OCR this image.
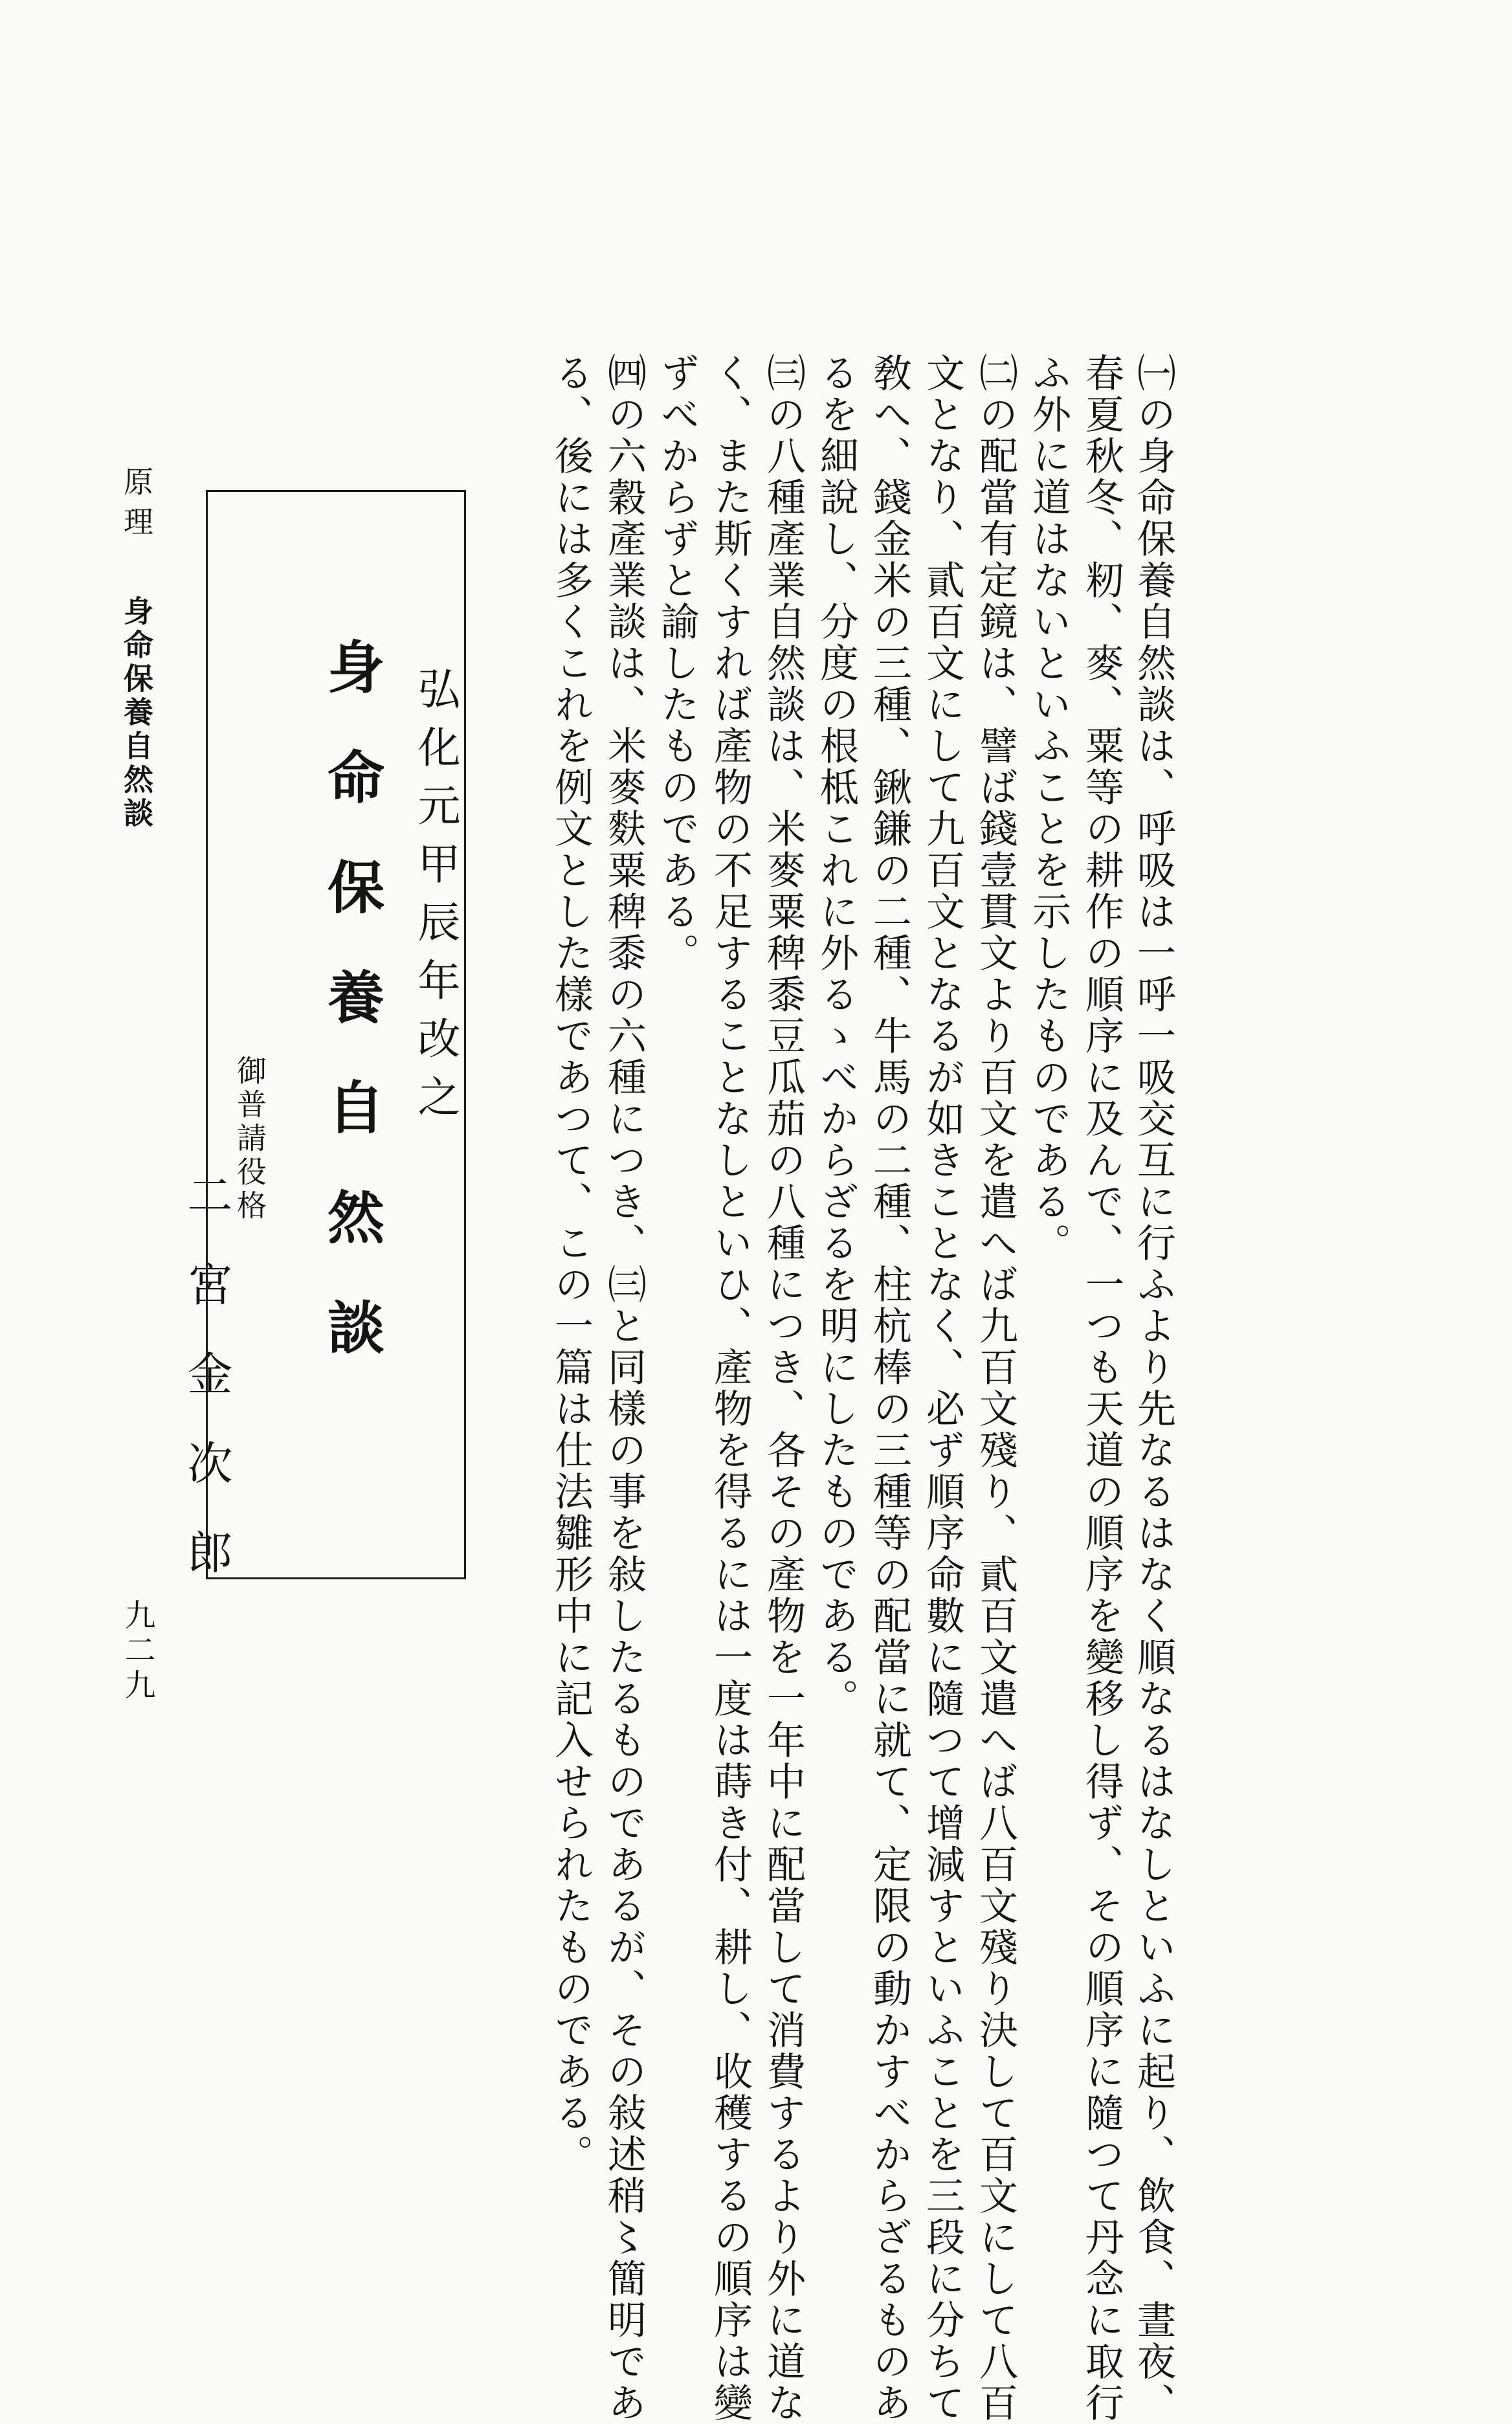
㈠の身命保養自然談は、呼吸は一呼一吸交互に行ふより先なるはなく順なるはなしといふに起り、飲食、晝夜、
春夏秋冬、籾、麥、粟等の耕作の順序に及んで、一つも天道の順序を變移し得ず、その順序に隨つて丹念に取行
ふ外に道はないといふことを示したものである。
㈡の配當有定鏡は、譬ば錢壹貫文より百文を遣へば九百文殘り、貳百文遣へば八百文殘り決して百文にして八百
文となり、貳百文にして九百文となるが如きことなく、必ず順序命數に隨つて增減すといふことを三段に分ちて
敎へ、錢金米の三種、鍬鎌の二種、牛馬の二種、柱杭棒の三種等の配當に就て、定限の動かすべからざるものあ
るを細說し、分度の根柢これに外るゝべからざるを明にしたものである。
㈢の八種產業自然談は、米麥粟稗黍豆瓜茄の八種につき、各その產物を一年中に配當して消費するより外に道な
く、また斯くすれば產物の不足することなしといひ、產物を得るには一度は蒔き付、耕し、收穫するの順序は變
ずべからずと諭したものである。
㈣の六穀產業談は、米麥麩粟稗黍の六種につき、㈢と同樣の事を敍したるものであるが、その敍述稍〻簡明であ
る、後には多くこれを例文とした樣であつて、この一篇は仕法雛形中に記入せられたものである。
弘化元甲辰年改之
身命保養自然談
御普請役格
二宮金次郎
原理
身命保養自然談
九二九
